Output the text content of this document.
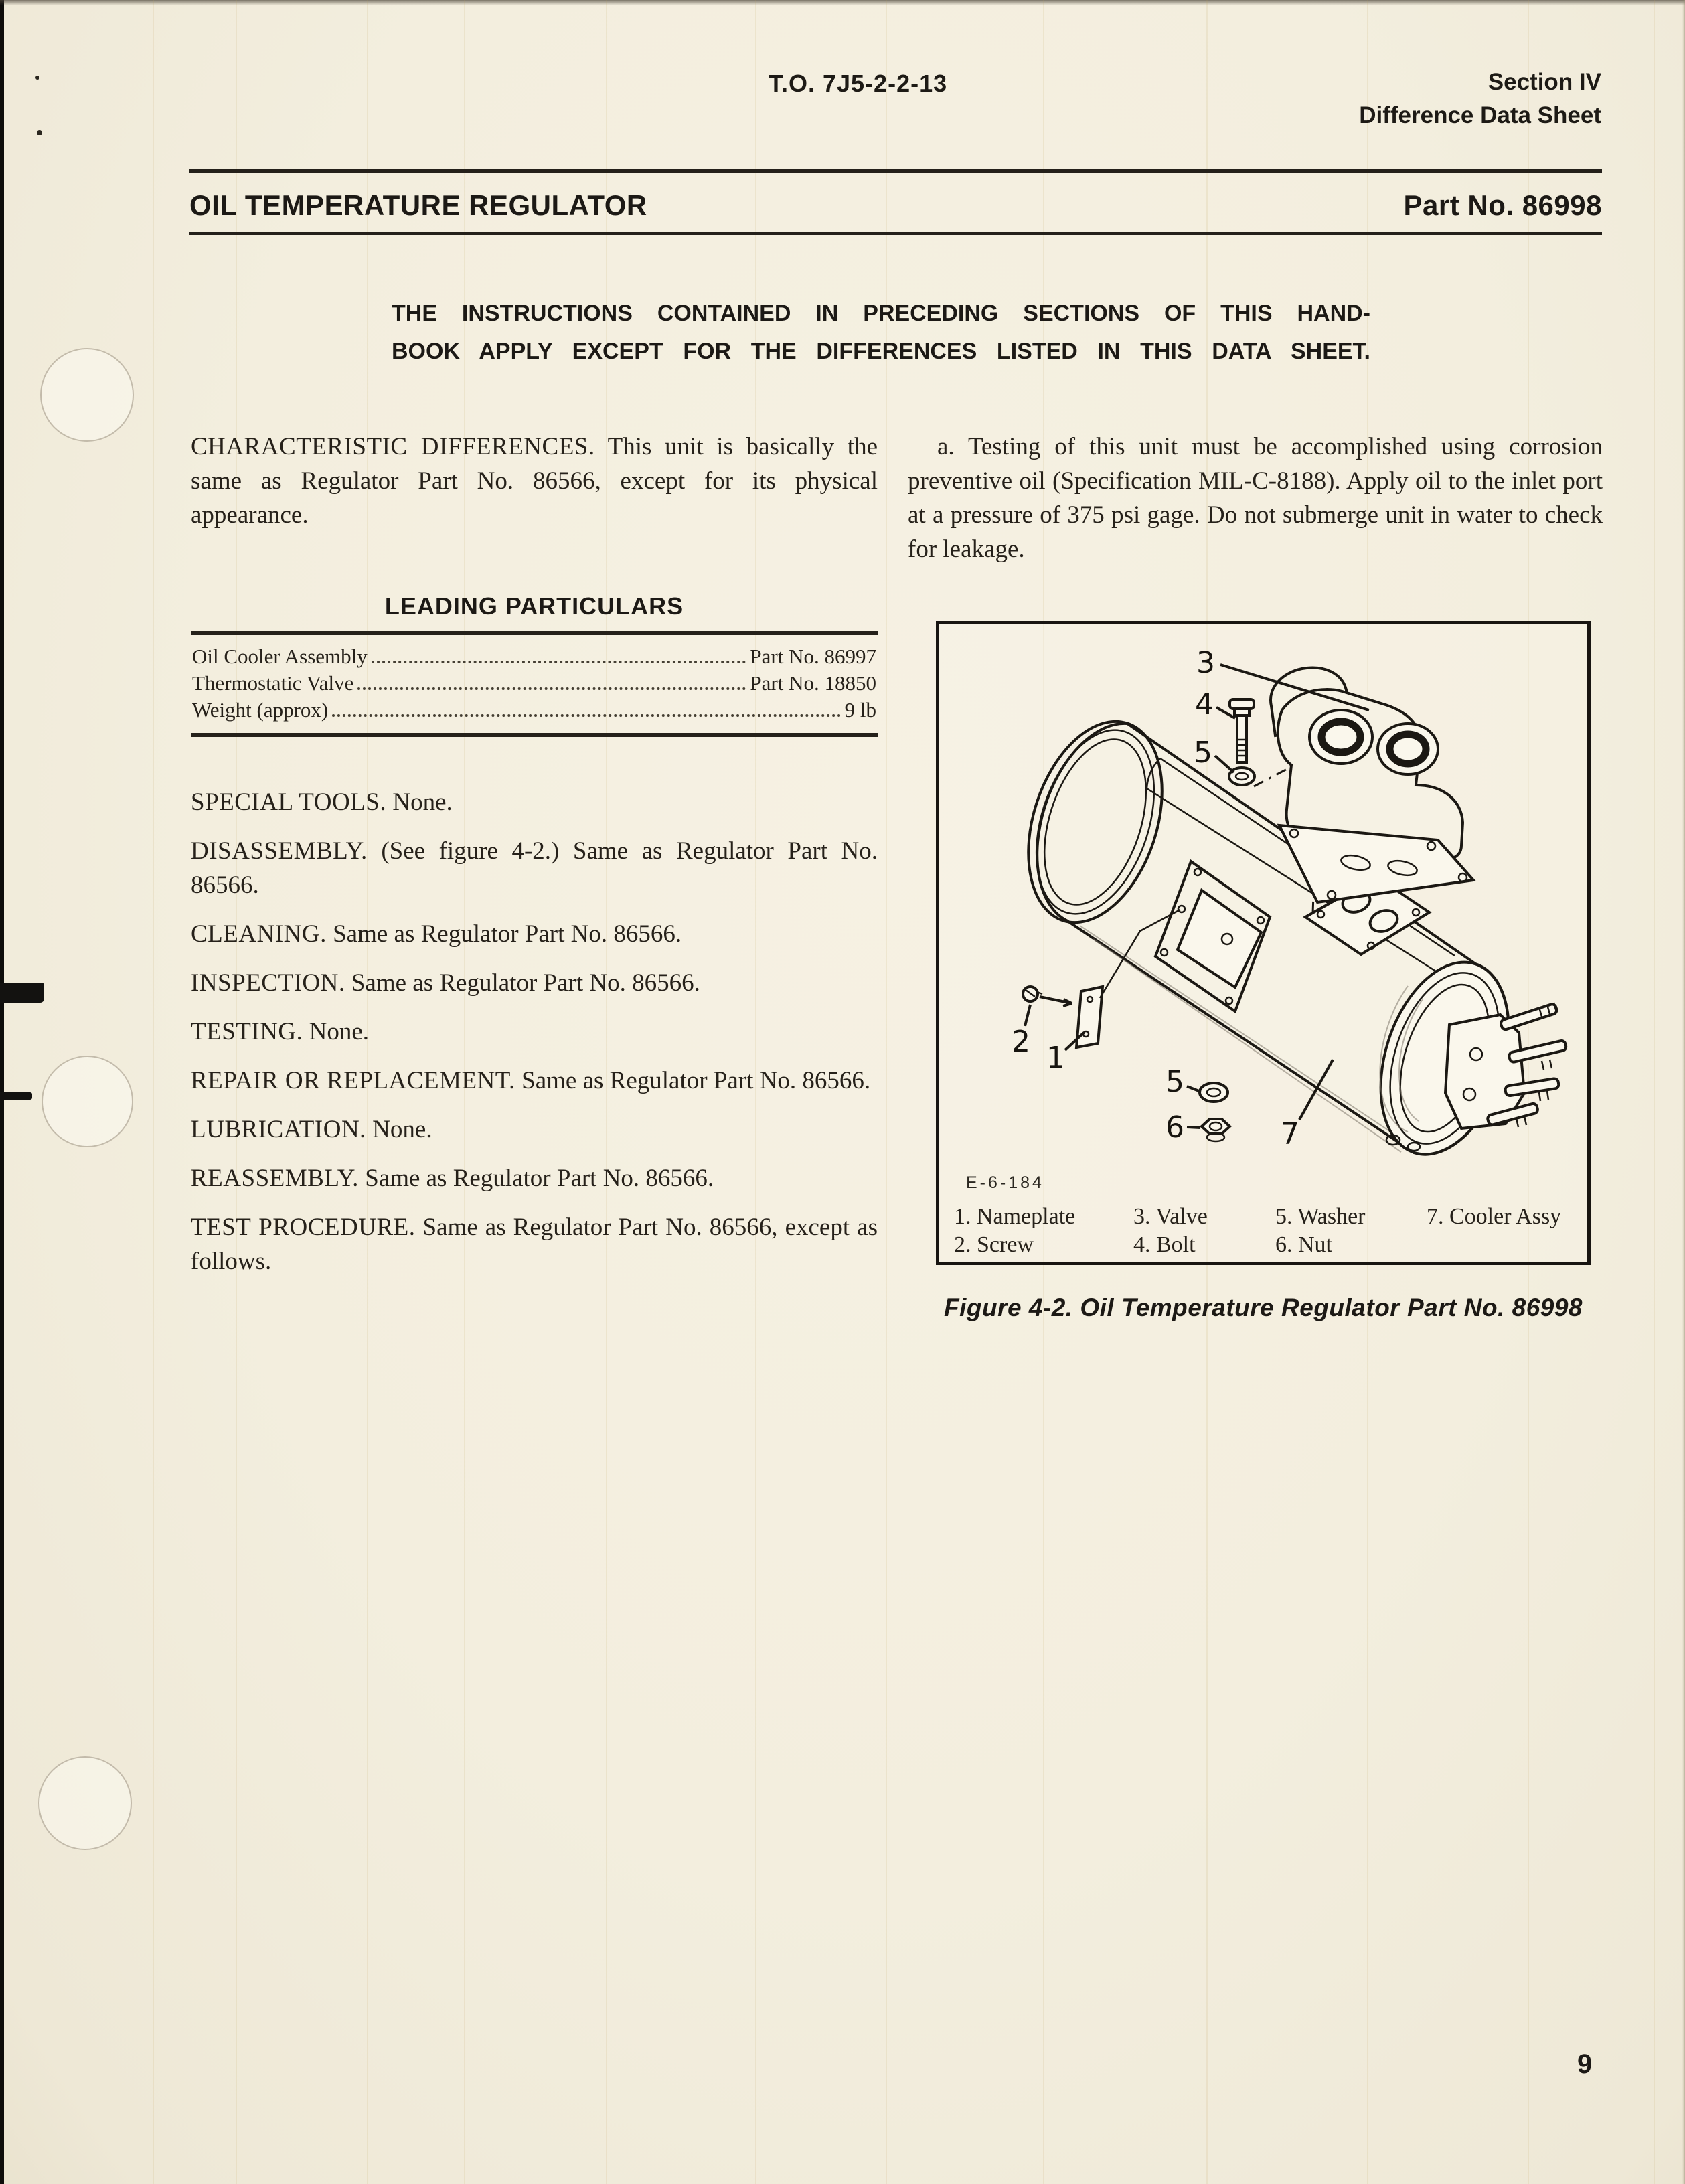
T.O. 7J5-2-2-13	Section IV
Difference Data Sheet
OIL TEMPERATURE REGULATOR	Part No. 86998
THE INSTRUCTIONS CONTAINED IN PRECEDING SECTIONS OF THIS HAND-
BOOK APPLY EXCEPT FOR THE DIFFERENCES LISTED IN THIS DATA SHEET.

CHARACTERISTIC DIFFERENCES. This unit is basically the same as Regulator Part No. 86566, except for its physical appearance.

LEADING PARTICULARS
Oil Cooler Assembly	Part No. 86997
Thermostatic Valve	Part No. 18850
Weight (approx)	9 lb

SPECIAL TOOLS. None.

DISASSEMBLY. (See figure 4-2.) Same as Regulator Part No. 86566.

CLEANING. Same as Regulator Part No. 86566.

INSPECTION. Same as Regulator Part No. 86566.

TESTING. None.

REPAIR OR REPLACEMENT. Same as Regulator Part No. 86566.

LUBRICATION. None.

REASSEMBLY. Same as Regulator Part No. 86566.

TEST PROCEDURE. Same as Regulator Part No. 86566, except as follows.

a. Testing of this unit must be accomplished using corrosion preventive oil (Specification MIL-C-8188). Apply oil to the inlet port at a pressure of 375 psi gage. Do not submerge unit in water to check for leakage.

3
4
5
2 1
5
6	7
E-6-184
1. Nameplate	3. Valve	5. Washer	7. Cooler Assy
2. Screw	4. Bolt	6. Nut
Figure 4-2. Oil Temperature Regulator Part No. 86998
9
